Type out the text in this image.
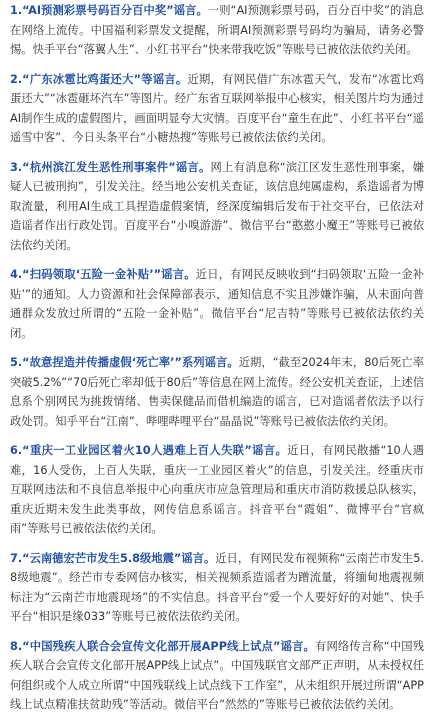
1.“AI预测彩票号码百分百中奖”谣言。一则“AI预测彩票号码，百分百中奖”的消息在网络上流传。中国福利彩票发文提醒，所谓AI预测彩票号码均为骗局，请务必警惕。快手平台“落翼人生”、小红书平台“快来带我吃饭”等账号已被依法依约关闭。

2.“广东冰雹比鸡蛋还大”等谣言。近期，有网民借广东冰雹天气，发布“冰雹比鸡蛋还大”“冰雹砸坏汽车”等图片。经广东省互联网举报中心核实，相关图片均为通过AI制作生成的虚假图片，画面明显夸大灾情。百度平台“童生在此”、小红书平台“遥遥雪中客”、今日头条平台“小糖热搜”等账号已被依法依约关闭。

3.“杭州滨江发生恶性刑事案件”谣言。网上有消息称“滨江区发生恶性刑事案，嫌疑人已被刑拘”，引发关注。经当地公安机关查证，该信息纯属虚构，系造谣者为博取流量，利用AI生成工具捏造虚假案情，经深度编辑后发布于社交平台，已依法对造谣者作出行政处罚。百度平台“小嗅游游”、微信平台“憨憨小魔王”等账号已被依法依约关闭。

4.“扫码领取‘五险一金补贴’”谣言。近日，有网民反映收到“扫码领取‘五险一金补贴’”的通知。人力资源和社会保障部表示，通知信息不实且涉嫌诈骗，从未面向普通群众发放过所谓的“五险一金补贴”。微信平台“尼吉特”等账号已被依法依约关闭。

5.“故意捏造并传播虚假‘死亡率’”系列谣言。近期，“截至2024年末，80后死亡率突破5.2%”“70后死亡率却低于80后”等信息在网上流传。经公安机关查证，上述信息系个别网民为挑拨情绪、售卖保健品而借机编造的谣言，已对造谣者依法予以行政处罚。知乎平台“江南”、哔哩哔哩平台“晶晶说”等账号已被依法依约关闭。

6.“重庆一工业园区着火10人遇难上百人失联”谣言。近日，有网民散播“10人遇难，16人受伤，上百人失联，重庆一工业园区着火”的信息，引发关注。经重庆市互联网违法和不良信息举报中心向重庆市应急管理局和重庆市消防救援总队核实，重庆近期未发生此类事故，网传信息系谣言。抖音平台“霞姐”、微博平台“官疯雨”等账号已被依法依约关闭。

7.“云南德宏芒市发生5.8级地震”谣言。近日，有网民发布视频称“云南芒市发生5.8级地震”。经芒市专委网信办核实，相关视频系造谣者为蹭流量，将缅甸地震视频标注为“云南芒市地震现场”的不实信息。抖音平台“爱一个人要好好的对她”、快手平台“相识是缘033”等账号已被依法依约关闭。

8.“中国残疾人联合会宣传文化部开展APP线上试点”谣言。有网络传言称“中国残疾人联合会宣传文化部开展APP线上试点”。中国残联官文部严正声明，从未授权任何组织或个人成立所谓“中国残联线上试点线下工作室”，从未组织开展过所谓“APP线上试点精准扶贫助残”等活动。微信平台“然然的”等账号已被依法依约关闭。
